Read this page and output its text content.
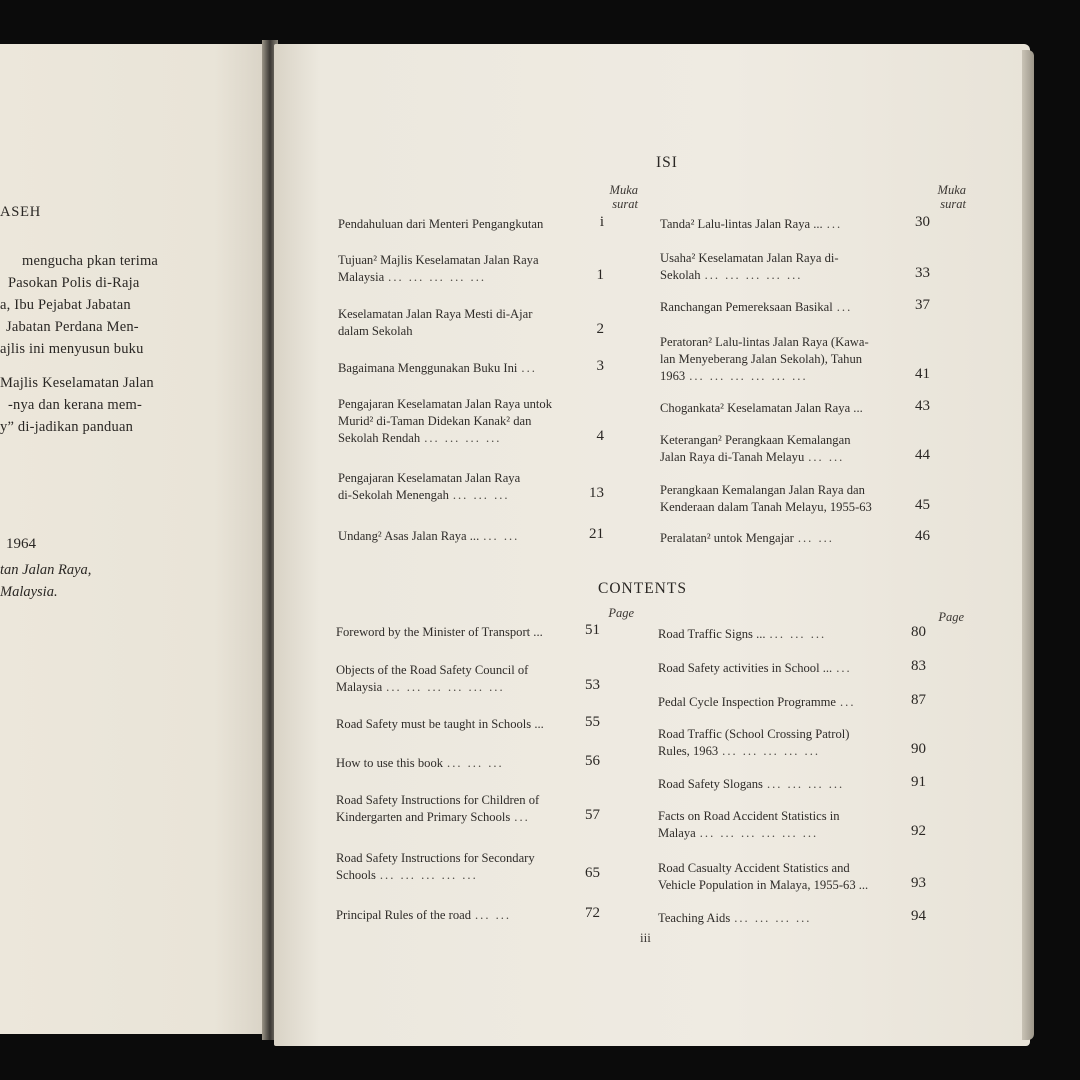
ASEH
mengucha pkan terima
Pasokan Polis di-Raja
a, Ibu Pejabat Jabatan
Jabatan Perdana Men-
ajlis ini menyusun buku
Majlis Keselamatan Jalan
-nya dan kerana mem-
y” di-jadikan panduan
1964
tan Jalan Raya,
Malaysia.
ISI
Muka
surat
Muka
surat
Pendahuluan dari Menteri Pengangkutan	i
Tujuan² Majlis Keselamatan Jalan Raya
Malaysia ... ... ... ... ...	1
Keselamatan Jalan Raya Mesti di-Ajar
dalam Sekolah	2
Bagaimana Menggunakan Buku Ini ...	3
Pengajaran Keselamatan Jalan Raya untok
Murid² di-Taman Didekan Kanak² dan
Sekolah Rendah ... ... ... ...	4
Pengajaran Keselamatan Jalan Raya
di-Sekolah Menengah ... ... ...	13
Undang² Asas Jalan Raya ... ... ...	21
Tanda² Lalu-lintas Jalan Raya ... ...	30
Usaha² Keselamatan Jalan Raya di-
Sekolah ... ... ... ... ...	33
Ranchangan Pemereksaan Basikal ...	37
Peratoran² Lalu-lintas Jalan Raya (Kawa-
lan Menyeberang Jalan Sekolah), Tahun
1963 ... ... ... ... ... ...	41
Chogankata² Keselamatan Jalan Raya ...	43
Keterangan² Perangkaan Kemalangan
Jalan Raya di-Tanah Melayu ... ...	44
Perangkaan Kemalangan Jalan Raya dan
Kenderaan dalam Tanah Melayu, 1955-63	45
Peralatan² untok Mengajar ... ...	46
CONTENTS
Page	Page
Foreword by the Minister of Transport ...	51
Objects of the Road Safety Council of
Malaysia ... ... ... ... ... ...	53
Road Safety must be taught in Schools ...	55
How to use this book ... ... ...	56
Road Safety Instructions for Children of
Kindergarten and Primary Schools ...	57
Road Safety Instructions for Secondary
Schools ... ... ... ... ...	65
Principal Rules of the road ... ...	72
Road Traffic Signs ... ... ... ...	80
Road Safety activities in School ... ...	83
Pedal Cycle Inspection Programme ...	87
Road Traffic (School Crossing Patrol)
Rules, 1963 ... ... ... ... ...	90
Road Safety Slogans ... ... ... ...	91
Facts on Road Accident Statistics in
Malaya ... ... ... ... ... ...	92
Road Casualty Accident Statistics and
Vehicle Population in Malaya, 1955-63 ...	93
Teaching Aids ... ... ... ...	94
iii
